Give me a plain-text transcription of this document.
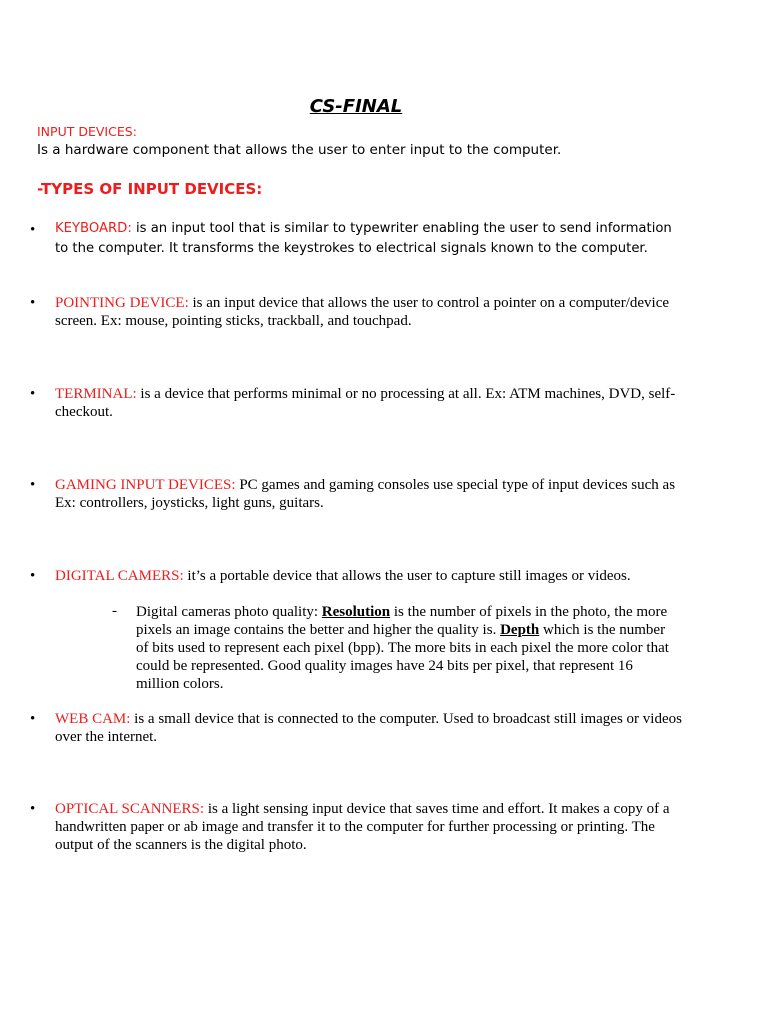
CS-FINAL
INPUT DEVICES:
Is a hardware component that allows the user to enter input to the computer.
-TYPES OF INPUT DEVICES:
• KEYBOARD: is an input tool that is similar to typewriter enabling the user to send information to the computer. It transforms the keystrokes to electrical signals known to the computer.
• POINTING DEVICE: is an input device that allows the user to control a pointer on a computer/device screen. Ex: mouse, pointing sticks, trackball, and touchpad.
• TERMINAL: is a device that performs minimal or no processing at all. Ex: ATM machines, DVD, self-checkout.
• GAMING INPUT DEVICES: PC games and gaming consoles use special type of input devices such as Ex: controllers, joysticks, light guns, guitars.
• DIGITAL CAMERS: it’s a portable device that allows the user to capture still images or videos.
- Digital cameras photo quality: Resolution is the number of pixels in the photo, the more pixels an image contains the better and higher the quality is. Depth which is the number of bits used to represent each pixel (bpp). The more bits in each pixel the more color that could be represented. Good quality images have 24 bits per pixel, that represent 16 million colors.
• WEB CAM: is a small device that is connected to the computer. Used to broadcast still images or videos over the internet.
• OPTICAL SCANNERS: is a light sensing input device that saves time and effort. It makes a copy of a handwritten paper or ab image and transfer it to the computer for further processing or printing. The output of the scanners is the digital photo.
